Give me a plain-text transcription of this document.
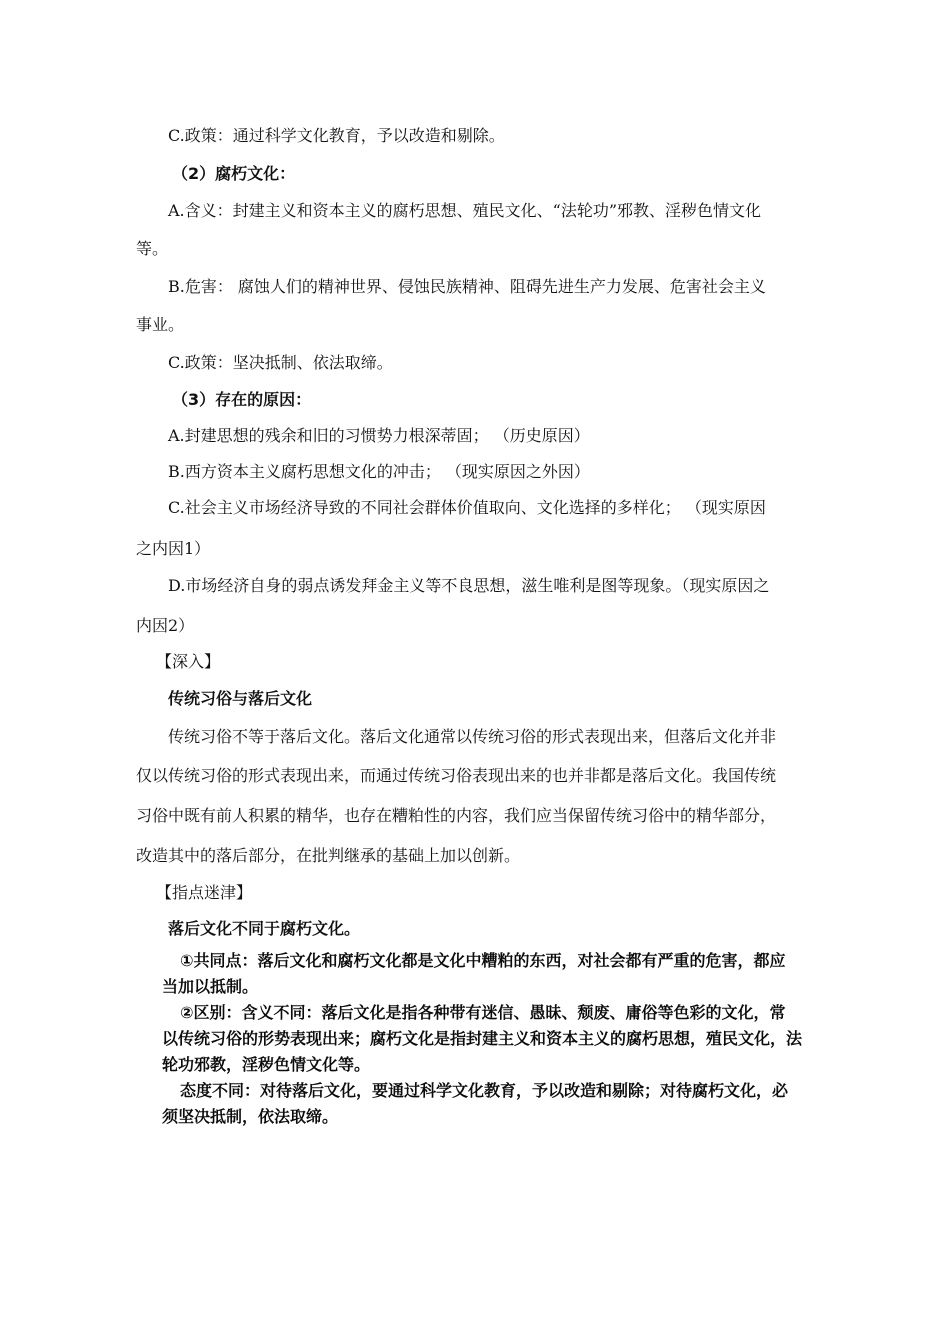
C.政策：通过科学文化教育，予以改造和剔除。
（2）腐朽文化：
A.含义：封建主义和资本主义的腐朽思想、殖民文化、“法轮功”邪教、淫秽色情文化
等。
B.危害： 腐蚀人们的精神世界、侵蚀民族精神、阻碍先进生产力发展、危害社会主义
事业。
C.政策：坚决抵制、依法取缔。
（3）存在的原因：
A.封建思想的残余和旧的习惯势力根深蒂固； （历史原因）
B.西方资本主义腐朽思想文化的冲击； （现实原因之外因）
C.社会主义市场经济导致的不同社会群体价值取向、文化选择的多样化； （现实原因
之内因1）
D.市场经济自身的弱点诱发拜金主义等不良思想，滋生唯利是图等现象。（现实原因之
内因2）
【深入】
传统习俗与落后文化
传统习俗不等于落后文化。落后文化通常以传统习俗的形式表现出来，但落后文化并非
仅以传统习俗的形式表现出来，而通过传统习俗表现出来的也并非都是落后文化。我国传统
习俗中既有前人积累的精华，也存在糟粕性的内容，我们应当保留传统习俗中的精华部分，
改造其中的落后部分，在批判继承的基础上加以创新。
【指点迷津】
落后文化不同于腐朽文化。

①共同点：落后文化和腐朽文化都是文化中糟粕的东西，对社会都有严重的危害，都应

当加以抵制。

②区别：含义不同：落后文化是指各种带有迷信、愚昧、颓废、庸俗等色彩的文化，常

以传统习俗的形势表现出来；腐朽文化是指封建主义和资本主义的腐朽思想，殖民文化，法

轮功邪教，淫秽色情文化等。

态度不同：对待落后文化，要通过科学文化教育，予以改造和剔除；对待腐朽文化，必

须坚决抵制，依法取缔。
